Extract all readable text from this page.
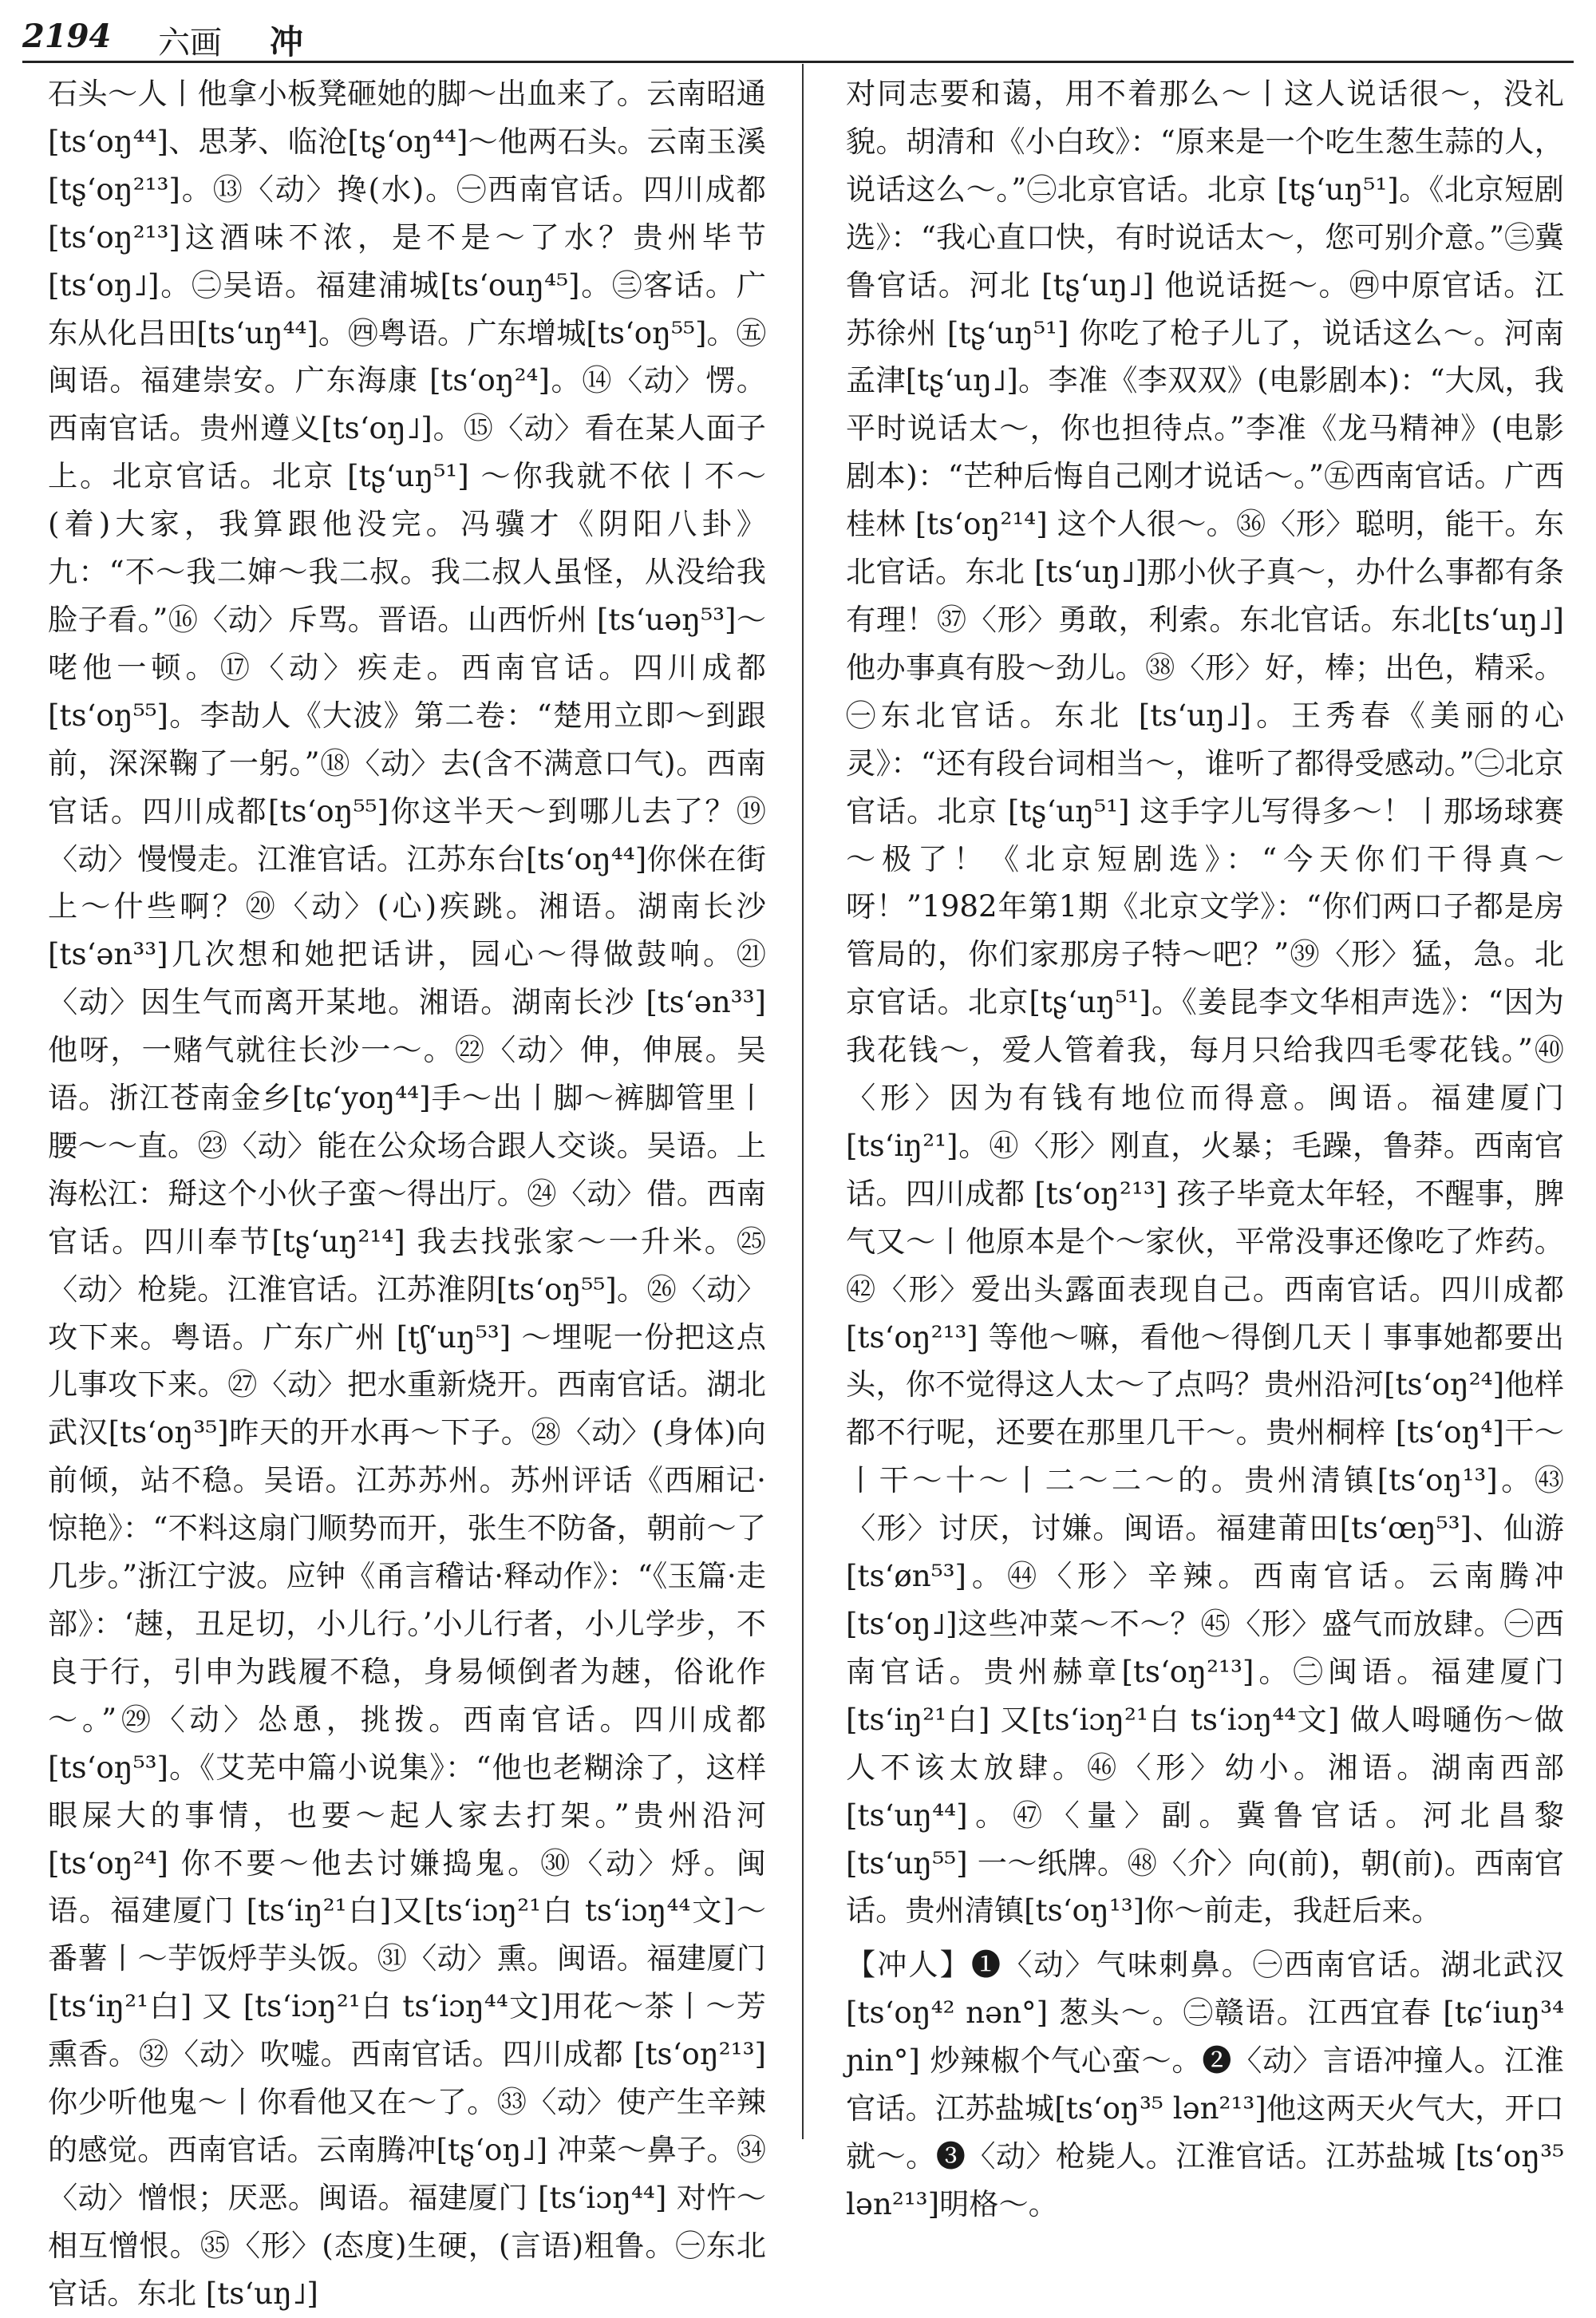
2194 六画 冲

石头～人丨他拿小板凳砸她的脚～出血来了。云南昭通[tsʻoŋ⁴⁴]、思茅、临沧[tʂʻoŋ⁴⁴]～他两石头。云南玉溪[tʂʻoŋ²¹³]。⑬〈动〉搀(水)。㊀西南官话。四川成都[tsʻoŋ²¹³]这酒味不浓，是不是～了水？贵州毕节[tsʻoŋ˩]。㊁吴语。福建浦城[tsʻouŋ⁴⁵]。㊂客话。广东从化吕田[tsʻuŋ⁴⁴]。㊃粤语。广东增城[tsʻoŋ⁵⁵]。㊄闽语。福建崇安。广东海康 [tsʻoŋ²⁴]。⑭〈动〉愣。西南官话。贵州遵义[tsʻoŋ˩]。⑮〈动〉看在某人面子上。北京官话。北京 [tʂʻuŋ⁵¹] ～你我就不依丨不～(着)大家，我算跟他没完。冯骥才《阴阳八卦》九：“不～我二婶～我二叔。我二叔人虽怪，从没给我脸子看。”⑯〈动〉斥骂。晋语。山西忻州 [tsʻuəŋ⁵³]～咾他一顿。⑰〈动〉疾走。西南官话。四川成都[tsʻoŋ⁵⁵]。李劼人《大波》第二卷：“楚用立即～到跟前，深深鞠了一躬。”⑱〈动〉去(含不满意口气)。西南官话。四川成都[tsʻoŋ⁵⁵]你这半天～到哪儿去了？⑲〈动〉慢慢走。江淮官话。江苏东台[tsʻoŋ⁴⁴]你侎在街上～什些啊？⑳〈动〉(心)疾跳。湘语。湖南长沙[tsʻən³³]几次想和她把话讲，园心～得做鼓响。㉑〈动〉因生气而离开某地。湘语。湖南长沙 [tsʻən³³] 他呀，一赌气就往长沙一～。㉒〈动〉伸，伸展。吴语。浙江苍南金乡[tɕʻyoŋ⁴⁴]手～出丨脚～裤脚管里丨腰～～直。㉓〈动〉能在公众场合跟人交谈。吴语。上海松江：搿这个小伙子蛮～得出厅。㉔〈动〉借。西南官话。四川奉节[tʂʻuŋ²¹⁴] 我去找张家～一升米。㉕〈动〉枪毙。江淮官话。江苏淮阴[tsʻoŋ⁵⁵]。㉖〈动〉攻下来。粤语。广东广州 [tʃʻuŋ⁵³] ～埋呢一份把这点儿事攻下来。㉗〈动〉把水重新烧开。西南官话。湖北武汉[tsʻoŋ³⁵]昨天的开水再～下子。㉘〈动〉(身体)向前倾，站不稳。吴语。江苏苏州。苏州评话《西厢记·惊艳》：“不料这扇门顺势而开，张生不防备，朝前～了几步。”浙江宁波。应钟《甬言稽诂·释动作》：“《玉篇·走部》：‘趚，丑足切，小儿行。’小儿行者，小儿学步，不良于行，引申为践履不稳，身易倾倒者为趚，俗讹作～。”㉙〈动〉怂恿，挑拨。西南官话。四川成都 [tsʻoŋ⁵³]。《艾芜中篇小说集》：“他也老糊涂了，这样眼屎大的事情，也要～起人家去打架。”贵州沿河 [tsʻoŋ²⁴] 你不要～他去讨嫌捣鬼。㉚〈动〉烀。闽语。福建厦门 [tsʻiŋ²¹白]又[tsʻiɔŋ²¹白 tsʻiɔŋ⁴⁴文]～番薯丨～芋饭烀芋头饭。㉛〈动〉熏。闽语。福建厦门 [tsʻiŋ²¹白] 又 [tsʻiɔŋ²¹白 tsʻiɔŋ⁴⁴文]用花～茶丨～芳熏香。㉜〈动〉吹嘘。西南官话。四川成都 [tsʻoŋ²¹³] 你少听他鬼～丨你看他又在～了。㉝〈动〉使产生辛辣的感觉。西南官话。云南腾冲[tʂʻoŋ˩] 冲菜～鼻子。㉞〈动〉憎恨；厌恶。闽语。福建厦门 [tsʻiɔŋ⁴⁴] 对忤～相互憎恨。㉟〈形〉(态度)生硬，(言语)粗鲁。㊀东北官话。东北 [tsʻuŋ˩]

对同志要和蔼，用不着那么～丨这人说话很～，没礼貌。胡清和《小白玫》：“原来是一个吃生葱生蒜的人，说话这么～。”㊁北京官话。北京 [tʂʻuŋ⁵¹]。《北京短剧选》：“我心直口快，有时说话太～，您可别介意。”㊂冀鲁官话。河北 [tʂʻuŋ˩] 他说话挺～。㊃中原官话。江苏徐州 [tʂʻuŋ⁵¹] 你吃了枪子儿了，说话这么～。河南孟津[tʂʻuŋ˩]。李准《李双双》(电影剧本)：“大凤，我平时说话太～，你也担待点。”李准《龙马精神》(电影剧本)：“芒种后悔自己刚才说话～。”㊄西南官话。广西桂林 [tsʻoŋ²¹⁴] 这个人很～。㊱〈形〉聪明，能干。东北官话。东北 [tsʻuŋ˩]那小伙子真～，办什么事都有条有理！㊲〈形〉勇敢，利索。东北官话。东北[tsʻuŋ˩]他办事真有股～劲儿。㊳〈形〉好，棒；出色，精采。㊀东北官话。东北 [tsʻuŋ˩]。王秀春《美丽的心灵》：“还有段台词相当～，谁听了都得受感动。”㊁北京官话。北京 [tʂʻuŋ⁵¹] 这手字儿写得多～！丨那场球赛～极了！《北京短剧选》：“今天你们干得真～呀！”1982年第1期《北京文学》：“你们两口子都是房管局的，你们家那房子特～吧？”㊴〈形〉猛，急。北京官话。北京[tʂʻuŋ⁵¹]。《姜昆李文华相声选》：“因为我花钱～，爱人管着我，每月只给我四毛零花钱。”㊵〈形〉因为有钱有地位而得意。闽语。福建厦门[tsʻiŋ²¹]。㊶〈形〉刚直，火暴；毛躁，鲁莽。西南官话。四川成都 [tsʻoŋ²¹³] 孩子毕竟太年轻，不醒事，脾气又～丨他原本是个～家伙，平常没事还像吃了炸药。㊷〈形〉爱出头露面表现自己。西南官话。四川成都[tsʻoŋ²¹³] 等他～嘛，看他～得倒几天丨事事她都要出头，你不觉得这人太～了点吗？贵州沿河[tsʻoŋ²⁴]他样都不行呢，还要在那里几干～。贵州桐梓 [tsʻoŋ⁴]干～丨干～十～丨二～二～的。贵州清镇[tsʻoŋ¹³]。㊸〈形〉讨厌，讨嫌。闽语。福建莆田[tsʻœŋ⁵³]、仙游[tsʻøn⁵³]。㊹〈形〉辛辣。西南官话。云南腾冲[tsʻoŋ˩]这些冲菜～不～？㊺〈形〉盛气而放肆。㊀西南官话。贵州赫章[tsʻoŋ²¹³]。㊁闽语。福建厦门 [tsʻiŋ²¹白] 又[tsʻiɔŋ²¹白 tsʻiɔŋ⁴⁴文] 做人呣嗵伤～做人不该太放肆。㊻〈形〉幼小。湘语。湖南西部 [tsʻuŋ⁴⁴]。㊼〈量〉副。冀鲁官话。河北昌黎[tsʻuŋ⁵⁵] 一～纸牌。㊽〈介〉向(前)，朝(前)。西南官话。贵州清镇[tsʻoŋ¹³]你～前走，我赶后来。

【冲人】❶〈动〉气味刺鼻。㊀西南官话。湖北武汉 [tsʻoŋ⁴² nən°] 葱头～。㊁赣语。江西宜春 [tɕʻiuŋ³⁴ ɲin°] 炒辣椒个气心蛮～。❷〈动〉言语冲撞人。江淮官话。江苏盐城[tsʻoŋ³⁵ lən²¹³]他这两天火气大，开口就～。❸〈动〉枪毙人。江淮官话。江苏盐城 [tsʻoŋ³⁵ lən²¹³]明格～。
